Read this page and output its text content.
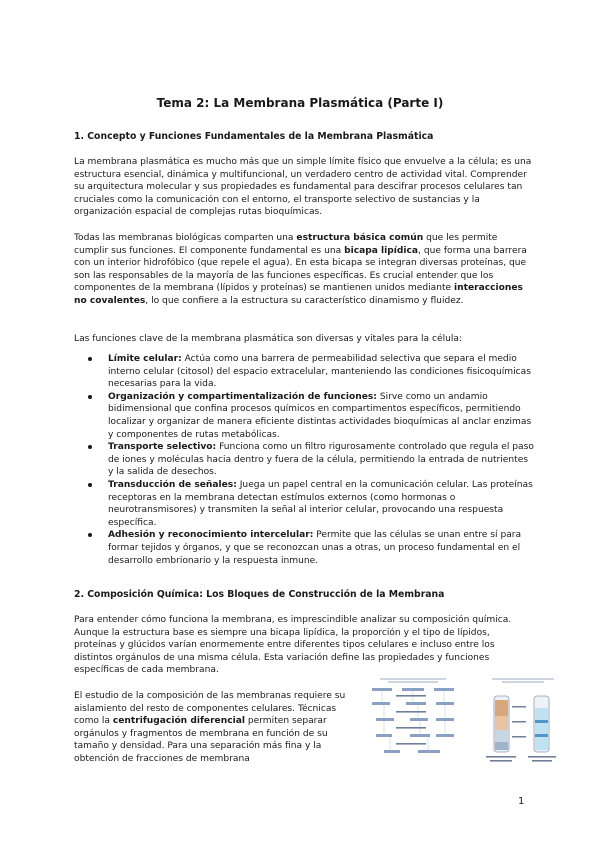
Tema 2: La Membrana Plasmática (Parte I)
1. Concepto y Funciones Fundamentales de la Membrana Plasmática

La membrana plasmática es mucho más que un simple límite físico que envuelve a la célula; es una estructura esencial, dinámica y multifuncional, un verdadero centro de actividad vital. Comprender su arquitectura molecular y sus propiedades es fundamental para descifrar procesos celulares tan cruciales como la comunicación con el entorno, el transporte selectivo de sustancias y la organización espacial de complejas rutas bioquímicas.

Todas las membranas biológicas comparten una estructura básica común que les permite cumplir sus funciones. El componente fundamental es una bicapa lipídica, que forma una barrera con un interior hidrofóbico (que repele el agua). En esta bicapa se integran diversas proteínas, que son las responsables de la mayoría de las funciones específicas. Es crucial entender que los componentes de la membrana (lípidos y proteínas) se mantienen unidos mediante interacciones no covalentes, lo que confiere a la estructura su característico dinamismo y fluidez.

Las funciones clave de la membrana plasmática son diversas y vitales para la célula:

Límite celular: Actúa como una barrera de permeabilidad selectiva que separa el medio interno celular (citosol) del espacio extracelular, manteniendo las condiciones fisicoquímicas necesarias para la vida.
Organización y compartimentalización de funciones: Sirve como un andamio bidimensional que confina procesos químicos en compartimentos específicos, permitiendo localizar y organizar de manera eficiente distintas actividades bioquímicas al anclar enzimas y componentes de rutas metabólicas.
Transporte selectivo: Funciona como un filtro rigurosamente controlado que regula el paso de iones y moléculas hacia dentro y fuera de la célula, permitiendo la entrada de nutrientes y la salida de desechos.
Transducción de señales: Juega un papel central en la comunicación celular. Las proteínas receptoras en la membrana detectan estímulos externos (como hormonas o neurotransmisores) y transmiten la señal al interior celular, provocando una respuesta específica.
Adhesión y reconocimiento intercelular: Permite que las células se unan entre sí para formar tejidos y órganos, y que se reconozcan unas a otras, un proceso fundamental en el desarrollo embrionario y la respuesta inmune.
2. Composición Química: Los Bloques de Construcción de la Membrana

Para entender cómo funciona la membrana, es imprescindible analizar su composición química. Aunque la estructura base es siempre una bicapa lipídica, la proporción y el tipo de lípidos, proteínas y glúcidos varían enormemente entre diferentes tipos celulares e incluso entre los distintos orgánulos de una misma célula. Esta variación define las propiedades y funciones específicas de cada membrana.

El estudio de la composición de las membranas requiere su aislamiento del resto de componentes celulares. Técnicas como la centrifugación diferencial permiten separar orgánulos y fragmentos de membrana en función de su tamaño y densidad. Para una separación más fina y la obtención de fracciones de membrana

1
